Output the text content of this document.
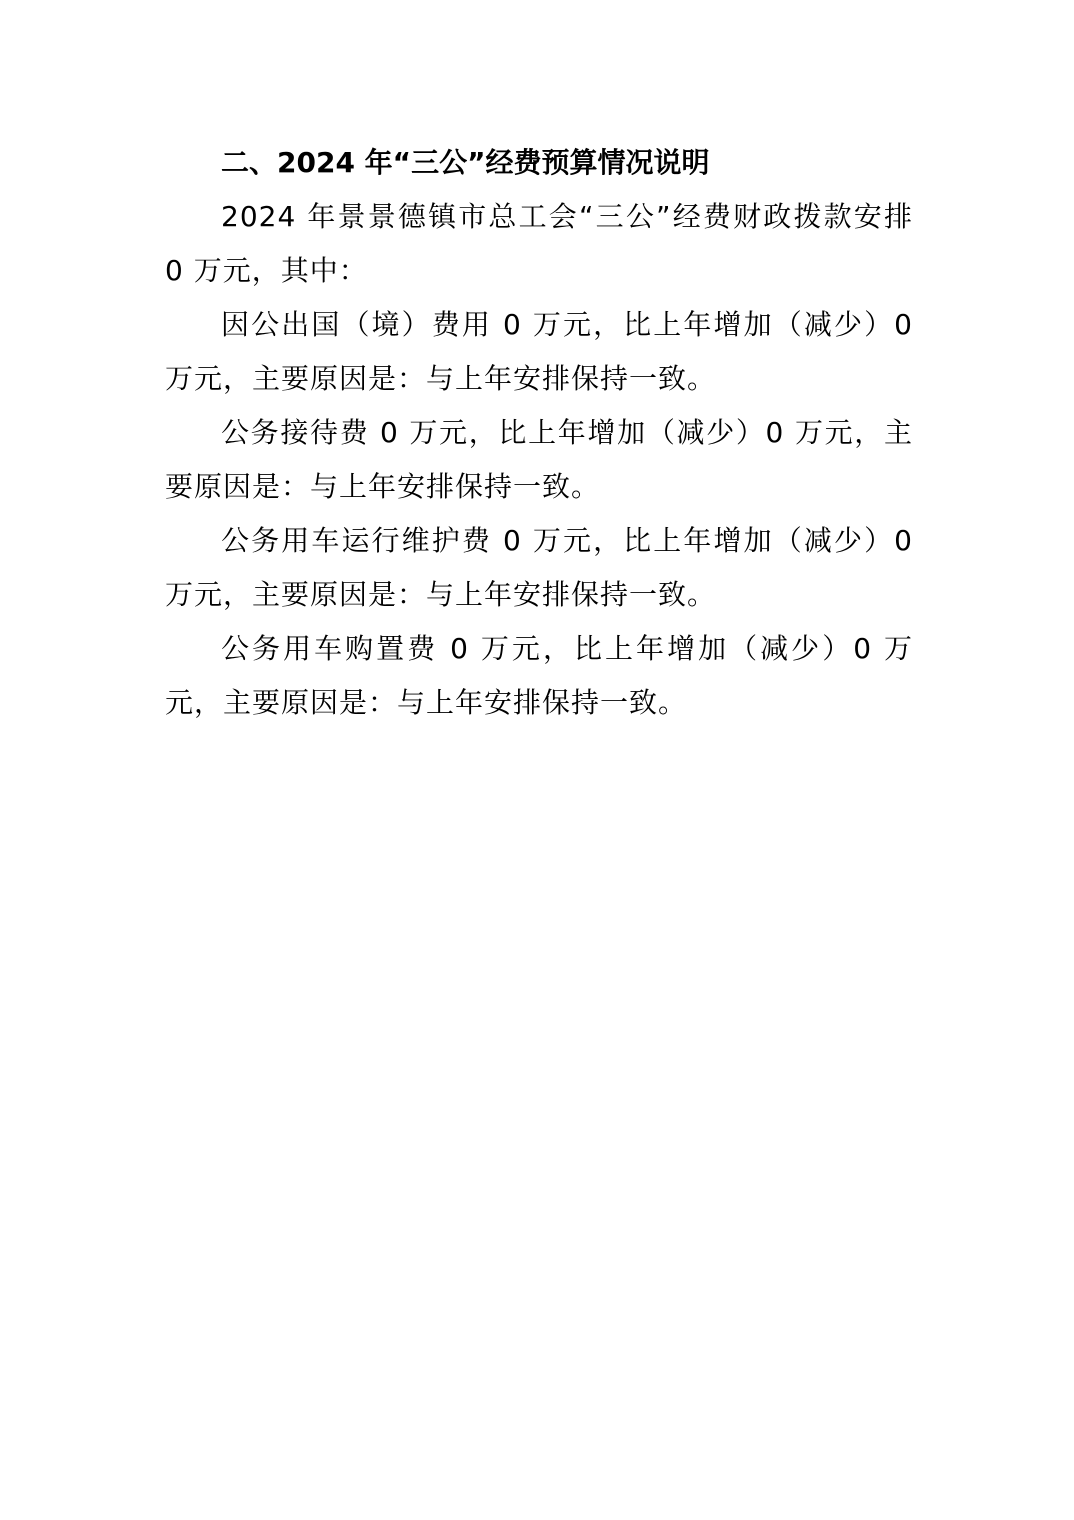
二、2024 年“三公”经费预算情况说明

2024 年景景德镇市总工会“三公”经费财政拨款安排 0 万元，其中：

因公出国（境）费用 0 万元，比上年增加（减少）0 万元，主要原因是：与上年安排保持一致。

公务接待费 0 万元，比上年增加（减少）0 万元，主要原因是：与上年安排保持一致。

公务用车运行维护费 0 万元，比上年增加（减少）0 万元，主要原因是：与上年安排保持一致。

公务用车购置费 0 万元，比上年增加（减少）0 万元，主要原因是：与上年安排保持一致。
